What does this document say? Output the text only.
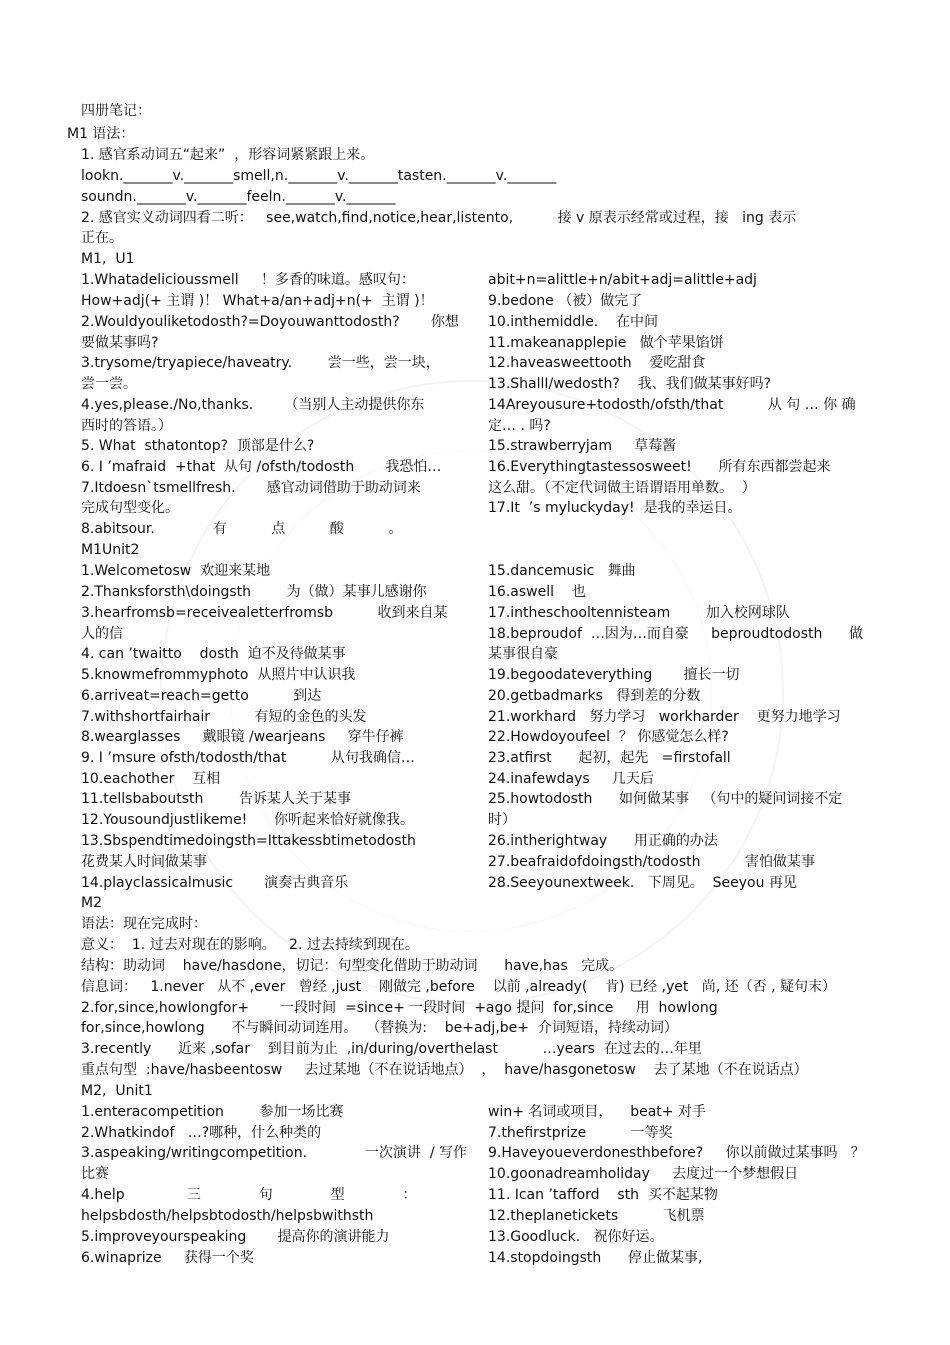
四册笔记：
M1 语法：
1. 感官系动词五“起来”  ，形容词紧紧跟上来。
lookn._______v._______smell,n._______v._______tasten._______v._______
soundn._______v._______feeln._______v._______
2. 感官实义动词四看二听：   see,watch,find,notice,hear,listento,          接 v 原表示经常或过程，接   ing 表示
正在。
M1,  U1
1.Whatadelicioussmell     ！多香的味道。感叹句：
How+adj(+ 主谓 )！ What+a/an+adj+n(+  主谓 )！
2.Wouldyouliketodosth?=Doyouwanttodosth?       你想
要做某事吗?
3.trysome/tryapiece/haveatry.        尝一些，尝一块，
尝一尝。
4.yes,please./No,thanks.       （当别人主动提供你东
西时的答语。）
5. What  sthatontop?  顶部是什么?
6. I ’mafraid  +that  从句 /ofsth/todosth       我恐怕…
7.Itdoesn`tsmellfresh.       感官动词借助于助动词来
完成句型变化。
8.abitsour.             有          点          酸          。
abit+n=alittle+n/abit+adj=alittle+adj
9.bedone （被）做完了
10.inthemiddle.    在中间
11.makeanapplepie   做个苹果馅饼
12.haveasweettooth    爱吃甜食
13.ShallI/wedosth?    我、我们做某事好吗?
14Areyousure+todosth/ofsth/that          从 句 … 你 确
定… . 吗?
15.strawberryjam     草莓酱
16.Everythingtastessosweet!      所有东西都尝起来
这么甜。（不定代词做主语谓语用单数。  ）
17.It  ’s myluckyday!  是我的幸运日。
M1Unit2
1.Welcometosw  欢迎来某地
2.Thanksforsth\doingsth        为（做）某事儿感谢你
3.hearfromsb=receivealetterfromsb          收到来自某
人的信
4. can ’twaitto    dosth  迫不及待做某事
5.knowmefrommyphoto  从照片中认识我
6.arriveat=reach=getto          到达
7.withshortfairhair          有短的金色的头发
8.wearglasses     戴眼镜 /wearjeans     穿牛仔裤
9. I ’msure ofsth/todosth/that          从句我确信…
10.eachother    互相
11.tellsbaboutsth        告诉某人关于某事
12.Yousoundjustlikeme!      你听起来恰好就像我。
13.Sbspendtimedoingsth=Ittakessbtimetodosth
花费某人时间做某事
14.playclassicalmusic       演奏古典音乐
15.dancemusic   舞曲
16.aswell    也
17.intheschooltennisteam        加入校网球队
18.beproudof  …因为…而自豪     beproudtodosth      做
某事很自豪
19.begoodateverything       擅长一切
20.getbadmarks   得到差的分数
21.workhard   努力学习   workharder    更努力地学习
22.Howdoyoufeel  ？ 你感觉怎么样?
23.atfirst      起初，起先   =firstofall
24.inafewdays     几天后
25.howtodosth      如何做某事   （句中的疑问词接不定
时）
26.intherightway      用正确的办法
27.beafraidofdoingsth/todosth          害怕做某事
28.Seeyounextweek.   下周见。  Seeyou 再见
M2
语法：现在完成时：
意义：  1. 过去对现在的影响。   2. 过去持续到现在。
结构：助动词    have/hasdone，切记：句型变化借助于助动词      have,has   完成。
信息词：   1.never   从不 ,ever   曾经 ,just    刚做完 ,before    以前 ,already(    肯) 已经 ,yet   尚, 还（否 , 疑句末）
2.for,since,howlongfor+       一段时间  =since+ 一段时间  +ago 提问  for,since     用  howlong
for,since,howlong      不与瞬间动词连用。  （替换为:    be+adj,be+  介词短语，持续动词）
3.recently      近来 ,sofar    到目前为止  ,in/during/overthelast          …years  在过去的…年里
重点句型  :have/hasbeentosw     去过某地（不在说话地点）  ，  have/hasgonetosw    去了某地（不在说话点）
M2,  Unit1
1.enteracompetition        参加一场比赛
2.Whatkindof   …?哪种，什么种类的
3.aspeaking/writingcompetition.             一次演讲  / 写作
比赛
4.help              三             句             型             ：
helpsbdosth/helpsbtodosth/helpsbwithsth
5.improveyourspeaking       提高你的演讲能力
6.winaprize     获得一个奖
win+ 名词或项目，    beat+ 对手
7.thefirstprize          一等奖
9.Haveyoueverdonesthbefore?     你以前做过某事吗   ？
10.goonadreamholiday     去度过一个梦想假日
11. Ican ’tafford    sth  买不起某物
12.theplanetickets          飞机票
13.Goodluck.   祝你好运。
14.stopdoingsth      停止做某事,
